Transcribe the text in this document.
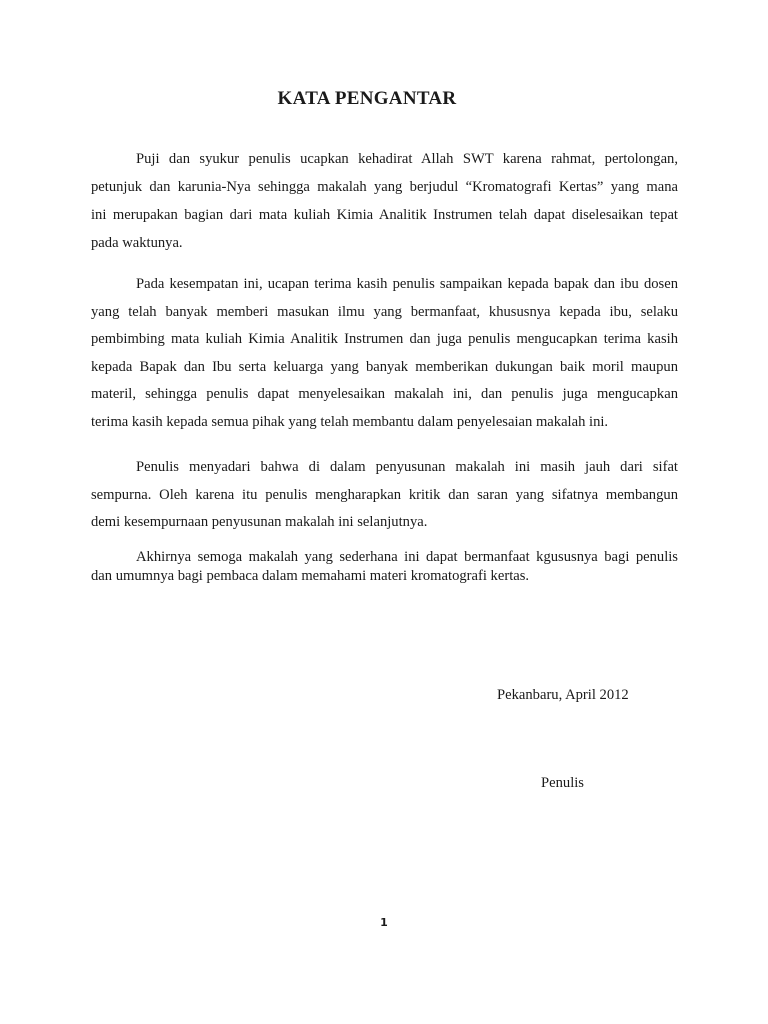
KATA PENGANTAR

Puji dan syukur penulis ucapkan kehadirat Allah SWT karena rahmat, pertolongan,
petunjuk dan karunia-Nya sehingga makalah yang berjudul “Kromatografi Kertas” yang mana
ini merupakan bagian dari mata kuliah Kimia Analitik Instrumen telah dapat diselesaikan tepat
pada waktunya.

Pada kesempatan ini, ucapan terima kasih penulis sampaikan kepada bapak dan ibu dosen
yang telah banyak memberi masukan ilmu yang bermanfaat, khususnya kepada ibu, selaku
pembimbing mata kuliah Kimia Analitik Instrumen dan juga penulis mengucapkan terima kasih
kepada Bapak dan Ibu serta keluarga yang banyak memberikan dukungan baik moril maupun
materil, sehingga penulis dapat menyelesaikan makalah ini, dan penulis juga mengucapkan
terima kasih kepada semua pihak yang telah membantu dalam penyelesaian makalah ini.

Penulis menyadari bahwa di dalam penyusunan makalah ini masih jauh dari sifat
sempurna. Oleh karena itu penulis mengharapkan kritik dan saran yang sifatnya membangun
demi kesempurnaan penyusunan makalah ini selanjutnya.

Akhirnya semoga makalah yang sederhana ini dapat bermanfaat kgususnya bagi penulis
dan umumnya bagi pembaca dalam memahami materi kromatografi kertas.

Pekanbaru, April 2012
Penulis
1
